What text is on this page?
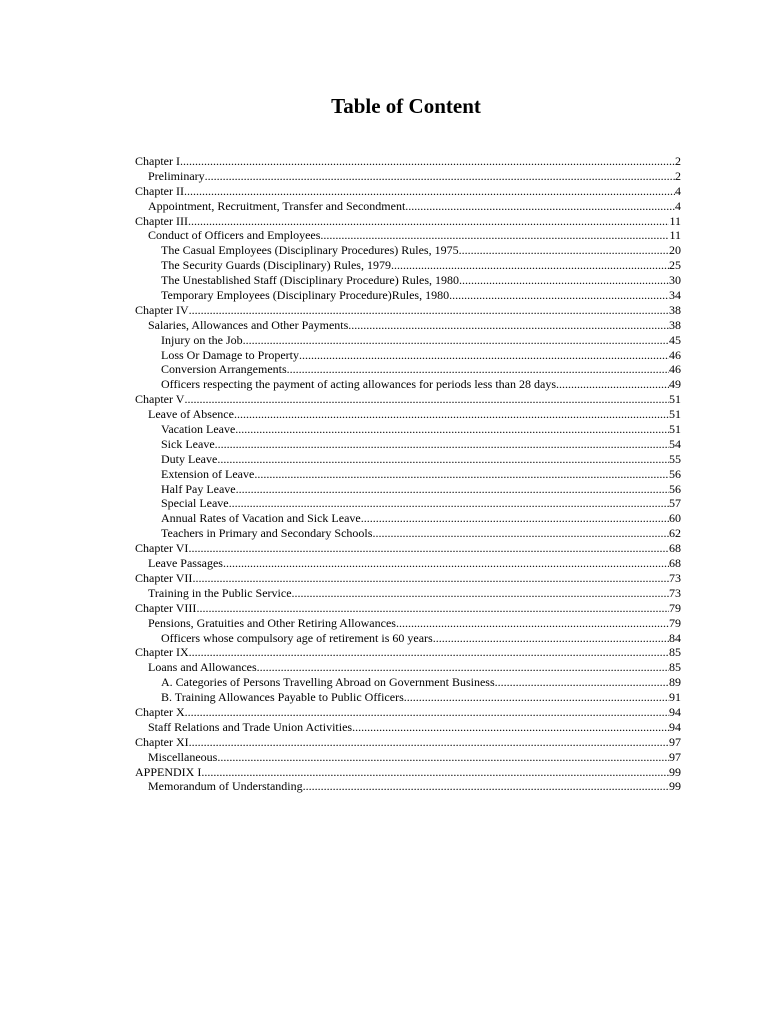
Table of Content
Chapter I .....	2
Preliminary .....	2
Chapter II .....	4
Appointment, Recruitment, Transfer and Secondment .....	4
Chapter III .....	11
Conduct of Officers and Employees .....	11
The Casual Employees (Disciplinary Procedures) Rules, 1975 .....	20
The Security Guards (Disciplinary) Rules, 1979 .....	25
The Unestablished Staff (Disciplinary Procedure) Rules, 1980 .....	30
Temporary Employees (Disciplinary Procedure)Rules, 1980 .....	34
Chapter IV .....	38
Salaries, Allowances and Other Payments .....	38
Injury on the Job .....	45
Loss Or Damage to Property .....	46
Conversion Arrangements .....	46
Officers respecting the payment of acting allowances for periods less than 28 days .....	49
Chapter V .....	51
Leave of Absence .....	51
Vacation Leave .....	51
Sick Leave .....	54
Duty Leave .....	55
Extension of Leave .....	56
Half Pay Leave .....	56
Special Leave .....	57
Annual Rates of Vacation and Sick Leave .....	60
Teachers in Primary and Secondary Schools .....	62
Chapter VI .....	68
Leave Passages .....	68
Chapter VII .....	73
Training in the Public Service .....	73
Chapter VIII .....	79
Pensions, Gratuities and Other Retiring Allowances .....	79
Officers whose compulsory age of retirement is 60 years .....	84
Chapter IX .....	85
Loans and Allowances .....	85
A. Categories of Persons Travelling Abroad on Government Business .....	89
B. Training Allowances Payable to Public Officers .....	91
Chapter X .....	94
Staff Relations and Trade Union Activities .....	94
Chapter XI .....	97
Miscellaneous .....	97
APPENDIX I .....	99
Memorandum of Understanding .....	99
